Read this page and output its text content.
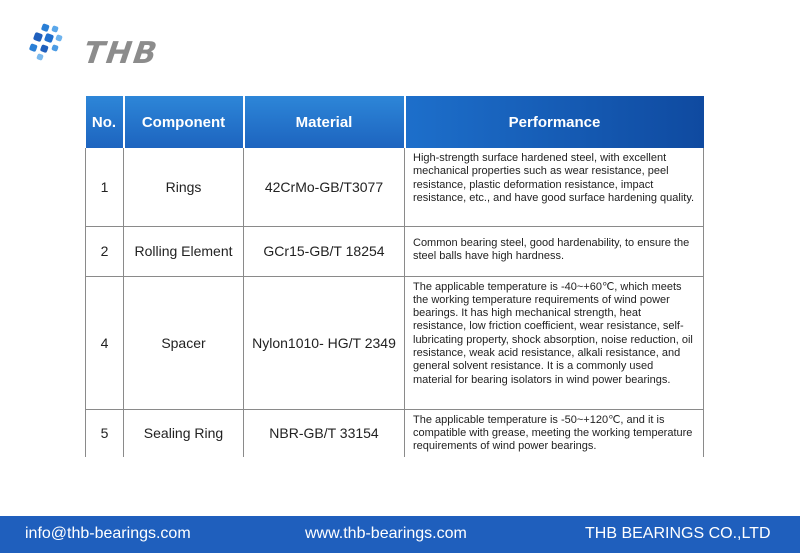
THB
No.	Component	Material	Performance
1	Rings	42CrMo-GB/T3077	High-strength surface hardened steel, with excellent mechanical properties such as wear resistance, peel resistance, plastic deformation resistance, impact resistance, etc., and have good surface hardening quality.
2	Rolling Element	GCr15-GB/T 18254	Common bearing steel, good hardenability, to ensure the steel balls have high hardness.
4	Spacer	Nylon1010- HG/T 2349	The applicable temperature is -40~+60℃, which meets the working temperature requirements of wind power bearings. It has high mechanical strength, heat resistance, low friction coefficient, wear resistance, self-lubricating property, shock absorption, noise reduction, oil resistance, weak acid resistance, alkali resistance, and general solvent resistance. It is a commonly used material for bearing isolators in wind power bearings.
5	Sealing Ring	NBR-GB/T 33154	The applicable temperature is -50~+120℃, and it is compatible with grease, meeting the working temperature requirements of wind power bearings.
info@thb-bearings.com	www.thb-bearings.com	THB BEARINGS CO.,LTD
